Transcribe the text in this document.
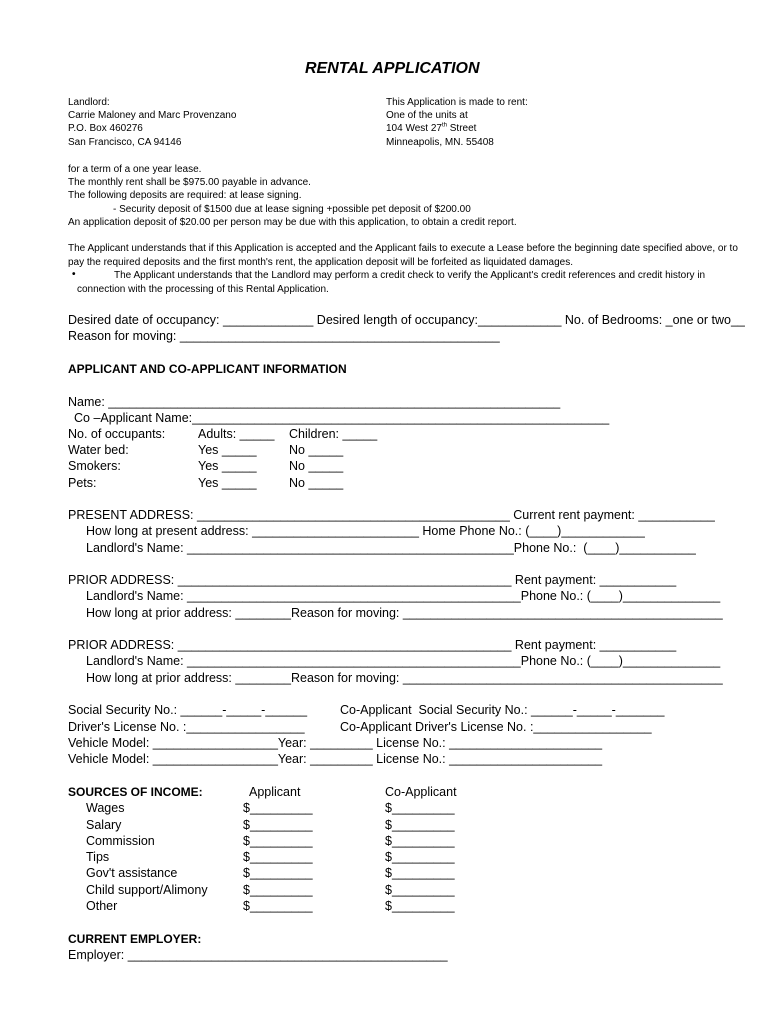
RENTAL APPLICATION
Landlord:
Carrie Maloney and Marc Provenzano
P.O. Box 460276
San Francisco, CA 94146
This Application is made to rent:
One of the units at
104 West 27th Street
Minneapolis, MN. 55408
for a term of a one year lease.
The monthly rent shall be $975.00 payable in advance.
The following deposits are required: at lease signing.
- Security deposit of $1500 due at lease signing +possible pet deposit of $200.00
An application deposit of $20.00 per person may be due with this application, to obtain a credit report.
The Applicant understands that if this Application is accepted and the Applicant fails to execute a Lease before the beginning date specified above, or to
pay the required deposits and the first month's rent, the application deposit will be forfeited as liquidated damages.
•	The Applicant understands that the Landlord may perform a credit check to verify the Applicant's credit references and credit history in
connection with the processing of this Rental Application.
Desired date of occupancy: _____________ Desired length of occupancy:____________ No. of Bedrooms: _one or two__
Reason for moving: ______________________________________________
APPLICANT AND CO-APPLICANT INFORMATION
Name: _________________________________________________________________
Co –Applicant Name:____________________________________________________________
No. of occupants:	Adults: _____ Children: _____
Water bed:	Yes _____	No _____
Smokers:	Yes _____	No _____
Pets:	Yes _____	No _____
PRESENT ADDRESS: _____________________________________________ Current rent payment: ___________
How long at present address: ________________________ Home Phone No.: (____)____________
Landlord's Name: _______________________________________________Phone No.:  (____)___________
PRIOR ADDRESS: ________________________________________________ Rent payment: ___________
Landlord's Name: ________________________________________________Phone No.: (____)______________
How long at prior address: ________Reason for moving: ______________________________________________
PRIOR ADDRESS: ________________________________________________ Rent payment: ___________
Landlord's Name: ________________________________________________Phone No.: (____)______________
How long at prior address: ________Reason for moving: ______________________________________________
Social Security No.: ______-_____-______	Co-Applicant  Social Security No.: ______-_____-_______
Driver's License No. :_________________	Co-Applicant Driver's License No. :_________________
Vehicle Model: __________________Year: _________ License No.: ______________________
Vehicle Model: __________________Year: _________ License No.: ______________________
SOURCES OF INCOME:	Applicant	Co-Applicant
Wages	$_________	$_________
Salary	$_________	$_________
Commission	$_________	$_________
Tips	$_________	$_________
Gov't assistance	$_________	$_________
Child support/Alimony	$_________	$_________
Other	$_________	$_________
CURRENT EMPLOYER:
Employer: ______________________________________________
